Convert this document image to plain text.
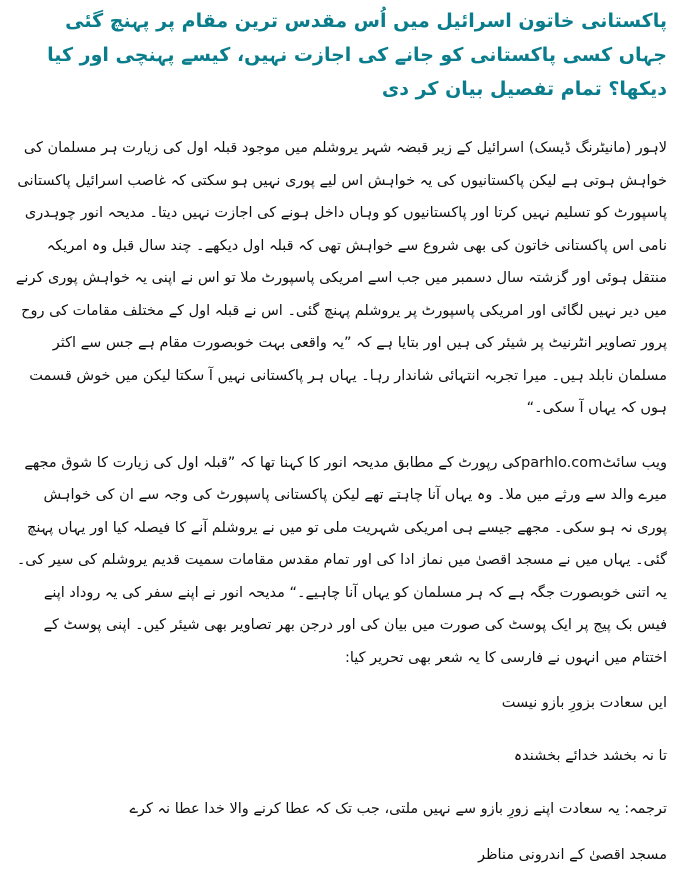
پاکستانی خاتون اسرائیل میں اُس مقدس ترین مقام پر پہنچ گئی جہاں کسی پاکستانی کو جانے کی اجازت نہیں، کیسے پہنچی اور کیا دیکھا؟ تمام تفصیل بیان کر دی

لاہور (مانیٹرنگ ڈیسک) اسرائیل کے زیر قبضہ شہر یروشلم میں موجود قبلہ اول کی زیارت ہر مسلمان کی خواہش ہوتی ہے لیکن پاکستانیوں کی یہ خواہش اس لیے پوری نہیں ہو سکتی کہ غاصب اسرائیل پاکستانی پاسپورٹ کو تسلیم نہیں کرتا اور پاکستانیوں کو وہاں داخل ہونے کی اجازت نہیں دیتا۔ مدیحہ انور چوہدری نامی اس پاکستانی خاتون کی بھی شروع سے خواہش تھی کہ قبلہ اول دیکھے۔ چند سال قبل وہ امریکہ منتقل ہوئی اور گزشتہ سال دسمبر میں جب اسے امریکی پاسپورٹ ملا تو اس نے اپنی یہ خواہش پوری کرنے میں دیر نہیں لگائی اور امریکی پاسپورٹ پر یروشلم پہنچ گئی۔ اس نے قبلہ اول کے مختلف مقامات کی روح پرور تصاویر انٹرنیٹ پر شیئر کی ہیں اور بتایا ہے کہ ”یہ واقعی بہت خوبصورت مقام ہے جس سے اکثر مسلمان نابلد ہیں۔ میرا تجربہ انتہائی شاندار رہا۔ یہاں ہر پاکستانی نہیں آ سکتا لیکن میں خوش قسمت ہوں کہ یہاں آ سکی۔“

ویب سائٹparhlo.comکی رپورٹ کے مطابق مدیحہ انور کا کہنا تھا کہ ”قبلہ اول کی زیارت کا شوق مجھے میرے والد سے ورثے میں ملا۔ وہ یہاں آنا چاہتے تھے لیکن پاکستانی پاسپورٹ کی وجہ سے ان کی خواہش پوری نہ ہو سکی۔ مجھے جیسے ہی امریکی شہریت ملی تو میں نے یروشلم آنے کا فیصلہ کیا اور یہاں پہنچ گئی۔ یہاں میں نے مسجد اقصیٰ میں نماز ادا کی اور تمام مقدس مقامات سمیت قدیم یروشلم کی سیر کی۔ یہ اتنی خوبصورت جگہ ہے کہ ہر مسلمان کو یہاں آنا چاہیے۔“ مدیحہ انور نے اپنے سفر کی یہ روداد اپنے فیس بک پیج پر ایک پوسٹ کی صورت میں بیان کی اور درجن بھر تصاویر بھی شیئر کیں۔ اپنی پوسٹ کے اختتام میں انہوں نے فارسی کا یہ شعر بھی تحریر کیا:

ایں سعادت بزورِ بازو نیست

تا نہ بخشد خدائے بخشندہ

ترجمہ: یہ سعادت اپنے زورِ بازو سے نہیں ملتی، جب تک کہ عطا کرنے والا خدا عطا نہ کرے

مسجد اقصیٰ کے اندرونی مناظر
